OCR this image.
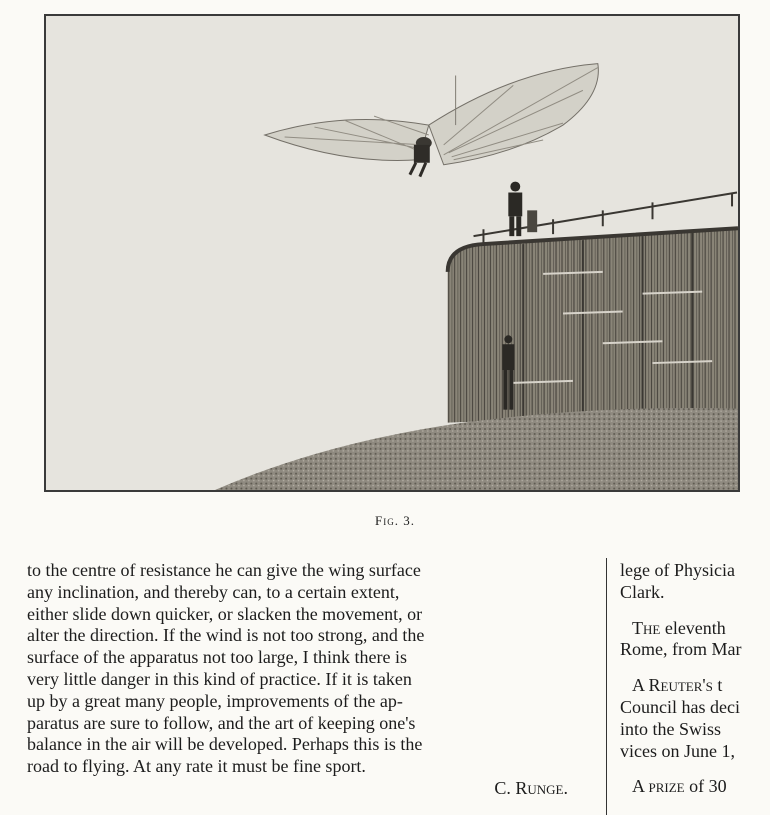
Fig. 3.

to the centre of resistance he can give the wing surface

any inclination, and thereby can, to a certain extent,

either slide down quicker, or slacken the movement, or

alter the direction. If the wind is not too strong, and the

surface of the apparatus not too large, I think there is

very little danger in this kind of practice. If it is taken

up by a great many people, improvements of the ap-

paratus are sure to follow, and the art of keeping one's

balance in the air will be developed. Perhaps this is the

road to flying. At any rate it must be fine sport.

C. Runge.

lege of Physicia
Clark.

The eleventh
Rome, from Mar

A Reuter's t
Council has deci
into the Swiss
vices on June 1,

A prize of 30
